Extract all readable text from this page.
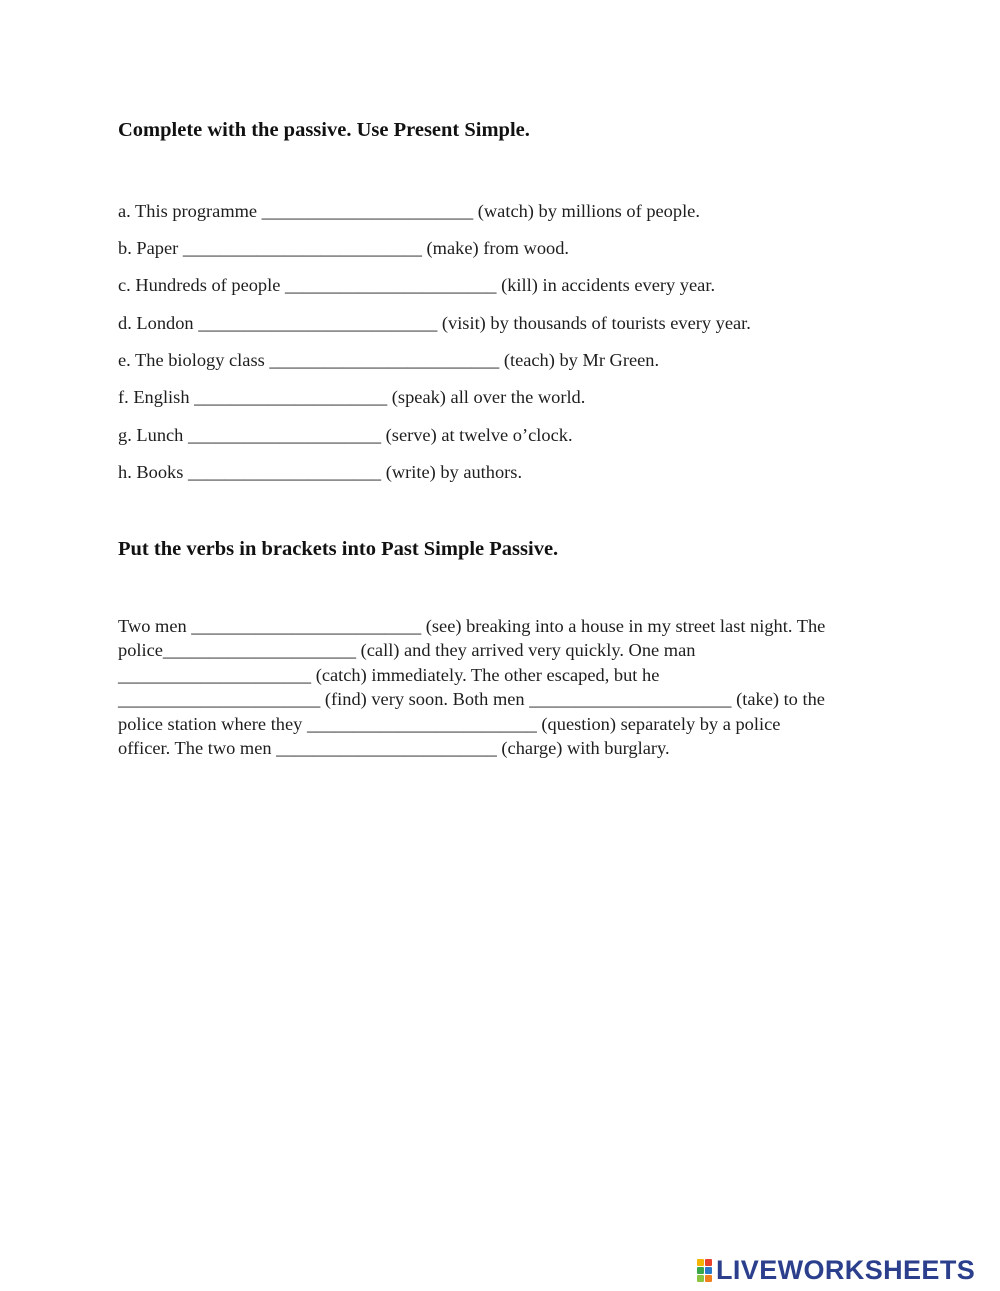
Complete with the passive. Use Present Simple.
a. This programme _______________________ (watch) by millions of people.
b. Paper __________________________ (make) from wood.
c. Hundreds of people _______________________ (kill) in accidents every year.
d. London __________________________ (visit) by thousands of tourists every year.
e. The biology class _________________________ (teach) by Mr Green.
f. English _____________________ (speak) all over the world.
g. Lunch _____________________ (serve) at twelve o’clock.
h. Books _____________________ (write) by authors.
Put the verbs in brackets into Past Simple Passive.
Two men _________________________ (see) breaking into a house in my street last night. The
police_____________________ (call) and they arrived very quickly. One man
_____________________ (catch) immediately. The other escaped, but he
______________________ (find) very soon. Both men ______________________ (take) to the
police station where they _________________________ (question) separately by a police
officer. The two men ________________________ (charge) with burglary.
LIVEWORKSHEETS
